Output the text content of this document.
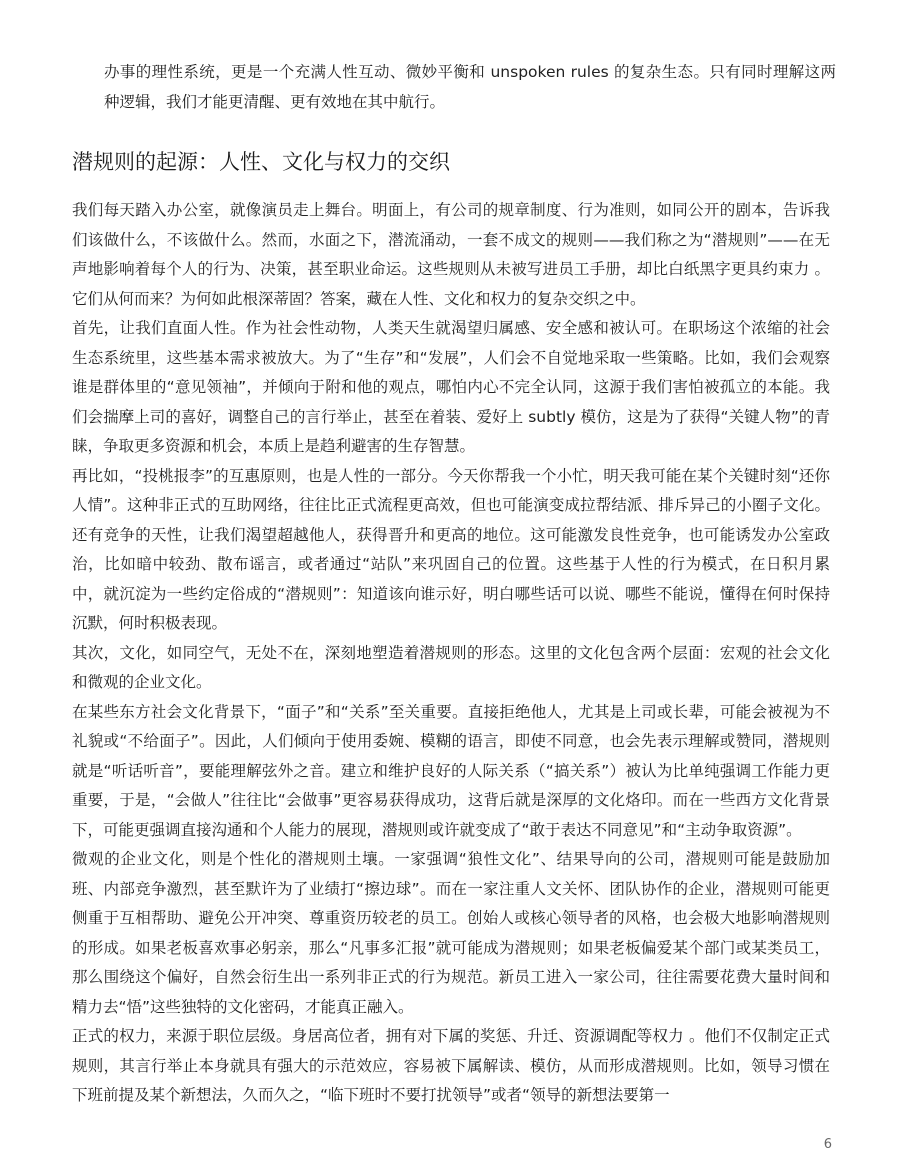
办事的理性系统，更是一个充满人性互动、微妙平衡和 unspoken rules 的复杂生态。只有同时理解这两种逻辑，我们才能更清醒、更有效地在其中航行。

潜规则的起源：人性、文化与权力的交织

我们每天踏入办公室，就像演员走上舞台。明面上，有公司的规章制度、行为准则，如同公开的剧本，告诉我们该做什么，不该做什么。然而，水面之下，潜流涌动，一套不成文的规则——我们称之为“潜规则”——在无声地影响着每个人的行为、决策，甚至职业命运。这些规则从未被写进员工手册，却比白纸黑字更具约束力 。它们从何而来？为何如此根深蒂固？答案，藏在人性、文化和权力的复杂交织之中。

首先，让我们直面人性。作为社会性动物，人类天生就渴望归属感、安全感和被认可。在职场这个浓缩的社会生态系统里，这些基本需求被放大。为了“生存”和“发展”，人们会不自觉地采取一些策略。比如，我们会观察谁是群体里的“意见领袖”，并倾向于附和他的观点，哪怕内心不完全认同，这源于我们害怕被孤立的本能。我们会揣摩上司的喜好，调整自己的言行举止，甚至在着装、爱好上 subtly 模仿，这是为了获得“关键人物”的青睐，争取更多资源和机会，本质上是趋利避害的生存智慧。

再比如，“投桃报李”的互惠原则，也是人性的一部分。今天你帮我一个小忙，明天我可能在某个关键时刻“还你人情”。这种非正式的互助网络，往往比正式流程更高效，但也可能演变成拉帮结派、排斥异己的小圈子文化。还有竞争的天性，让我们渴望超越他人，获得晋升和更高的地位。这可能激发良性竞争，也可能诱发办公室政治，比如暗中较劲、散布谣言，或者通过“站队”来巩固自己的位置。这些基于人性的行为模式，在日积月累中，就沉淀为一些约定俗成的“潜规则”：知道该向谁示好，明白哪些话可以说、哪些不能说，懂得在何时保持沉默，何时积极表现。

其次，文化，如同空气，无处不在，深刻地塑造着潜规则的形态。这里的文化包含两个层面：宏观的社会文化和微观的企业文化。

在某些东方社会文化背景下，“面子”和“关系”至关重要。直接拒绝他人，尤其是上司或长辈，可能会被视为不礼貌或“不给面子”。因此，人们倾向于使用委婉、模糊的语言，即使不同意，也会先表示理解或赞同，潜规则就是“听话听音”，要能理解弦外之音。建立和维护良好的人际关系（“搞关系”）被认为比单纯强调工作能力更重要，于是，“会做人”往往比“会做事”更容易获得成功，这背后就是深厚的文化烙印。而在一些西方文化背景下，可能更强调直接沟通和个人能力的展现，潜规则或许就变成了“敢于表达不同意见”和“主动争取资源”。

微观的企业文化，则是个性化的潜规则土壤。一家强调“狼性文化”、结果导向的公司，潜规则可能是鼓励加班、内部竞争激烈，甚至默许为了业绩打“擦边球”。而在一家注重人文关怀、团队协作的企业，潜规则可能更侧重于互相帮助、避免公开冲突、尊重资历较老的员工。创始人或核心领导者的风格，也会极大地影响潜规则的形成。如果老板喜欢事必躬亲，那么“凡事多汇报”就可能成为潜规则；如果老板偏爱某个部门或某类员工，那么围绕这个偏好，自然会衍生出一系列非正式的行为规范。新员工进入一家公司，往往需要花费大量时间和精力去“悟”这些独特的文化密码，才能真正融入。

正式的权力，来源于职位层级。身居高位者，拥有对下属的奖惩、升迁、资源调配等权力 。他们不仅制定正式规则，其言行举止本身就具有强大的示范效应，容易被下属解读、模仿，从而形成潜规则。比如，领导习惯在下班前提及某个新想法，久而久之，“临下班时不要打扰领导”或者“领导的新想法要第一

6
